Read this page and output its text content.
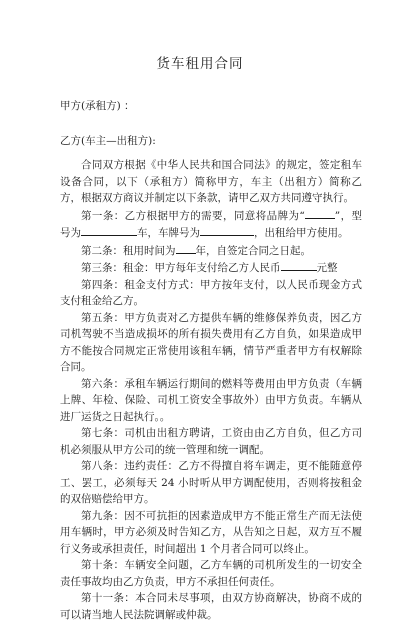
货车租用合同
甲方(承租方) ：
乙方(车主—出租方):

合同双方根据《中华人民共和国合同法》的规定，签定租车设备合同，以下（承租方）简称甲方，车主（出租方）简称乙方，根据双方商议并制定以下条款，请甲乙双方共同遵守执行。

第一条：乙方根据甲方的需要，同意将品牌为“	”，型号为	车，车牌号为	，出租给甲方使用。

第二条：租用时间为 年，自签定合同之日起。

第三条：租金：甲方每年支付给乙方人民币	元整

第四条：租金支付方式：甲方按年支付，以人民币现金方式支付租金给乙方。

第五条：甲方负责对乙方提供车辆的维修保养负责，因乙方司机驾驶不当造成损坏的所有损失费用有乙方自负，如果造成甲方不能按合同规定正常使用该租车辆，情节严重者甲方有权解除合同。

第六条：承租车辆运行期间的燃料等费用由甲方负责（车辆上牌、年检、保险、司机工资安全事故外）由甲方负责。车辆从进厂运货之日起执行。。

第七条：司机由出租方聘请，工资由由乙方自负，但乙方司机必须服从甲方公司的统一管理和统一调配。

第八条：违约责任：乙方不得擅自将车调走，更不能随意停工、罢工，必须每天 24 小时听从甲方调配使用，否则将按租金的双倍赔偿给甲方。

第九条：因不可抗拒的因素造成甲方不能正常生产而无法使用车辆时，甲方必须及时告知乙方，从告知之日起，双方互不履行义务或承担责任，时间超出 1 个月者合同可以终止。

第十条：车辆安全问题，乙方车辆的司机所发生的一切安全责任事故均由乙方负责，甲方不承担任何责任。

第十一条：本合同未尽事项，由双方协商解决，协商不成的可以请当地人民法院调解或仲裁。
